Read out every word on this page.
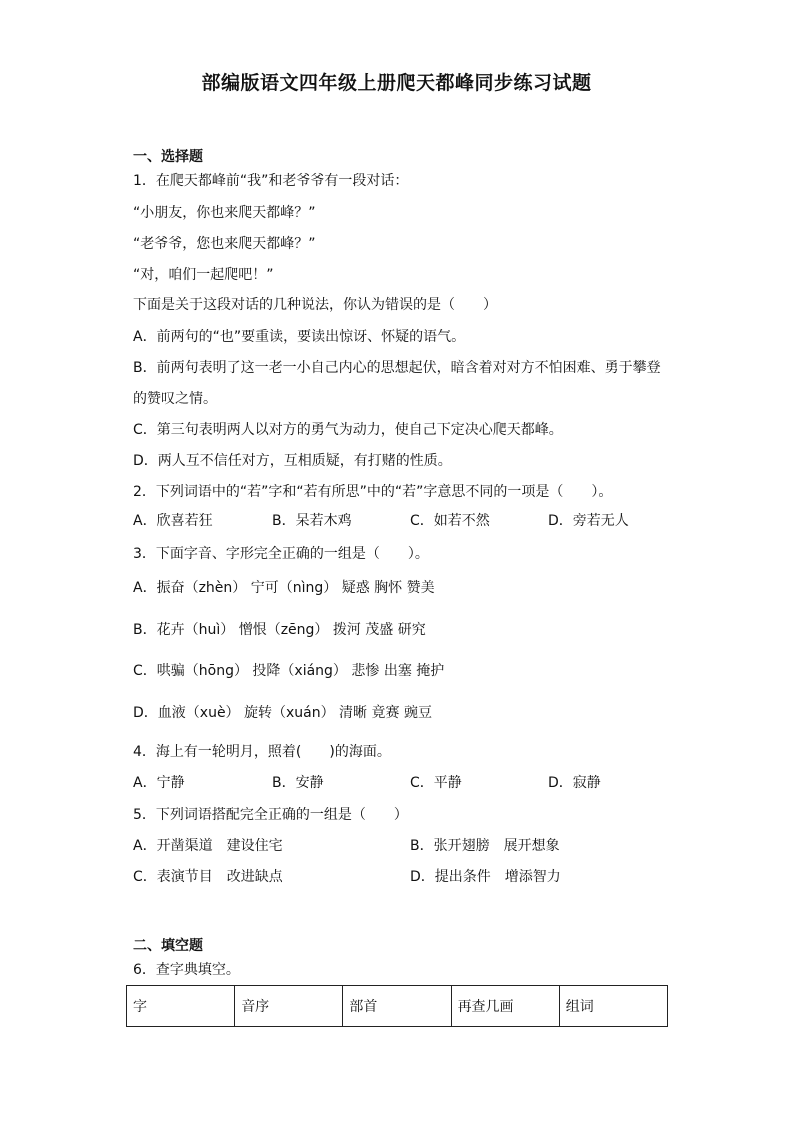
部编版语文四年级上册爬天都峰同步练习试题
一、选择题
1．在爬天都峰前“我”和老爷爷有一段对话：
“小朋友，你也来爬天都峰？”
“老爷爷，您也来爬天都峰？”
“对，咱们一起爬吧！”
下面是关于这段对话的几种说法，你认为错误的是（　　）
A．前两句的“也”要重读，要读出惊讶、怀疑的语气。
B．前两句表明了这一老一小自己内心的思想起伏，暗含着对对方不怕困难、勇于攀登
的赞叹之情。
C．第三句表明两人以对方的勇气为动力，使自己下定决心爬天都峰。
D．两人互不信任对方，互相质疑，有打赌的性质。
2．下列词语中的“若”字和“若有所思”中的“若”字意思不同的一项是（　　）。
A．欣喜若狂	B．呆若木鸡	C．如若不然	D．旁若无人
3．下面字音、字形完全正确的一组是（　　）。
A．振奋（zhèn） 宁可（nìng） 疑惑 胸怀 赞美
B．花卉（huì） 憎恨（zēng） 拨河 茂盛 研究
C．哄骗（hōng） 投降（xiáng） 悲惨 出塞 掩护
D．血液（xuè） 旋转（xuán） 清晰 竟赛 豌豆
4．海上有一轮明月，照着(　　)的海面。
A．宁静	B．安静	C．平静	D．寂静
5．下列词语搭配完全正确的一组是（　　）
A．开凿渠道　建设住宅	B．张开翅膀　展开想象
C．表演节目　改进缺点	D．提出条件　增添智力
二、填空题
6．查字典填空。
字	音序	部首	再查几画	组词
